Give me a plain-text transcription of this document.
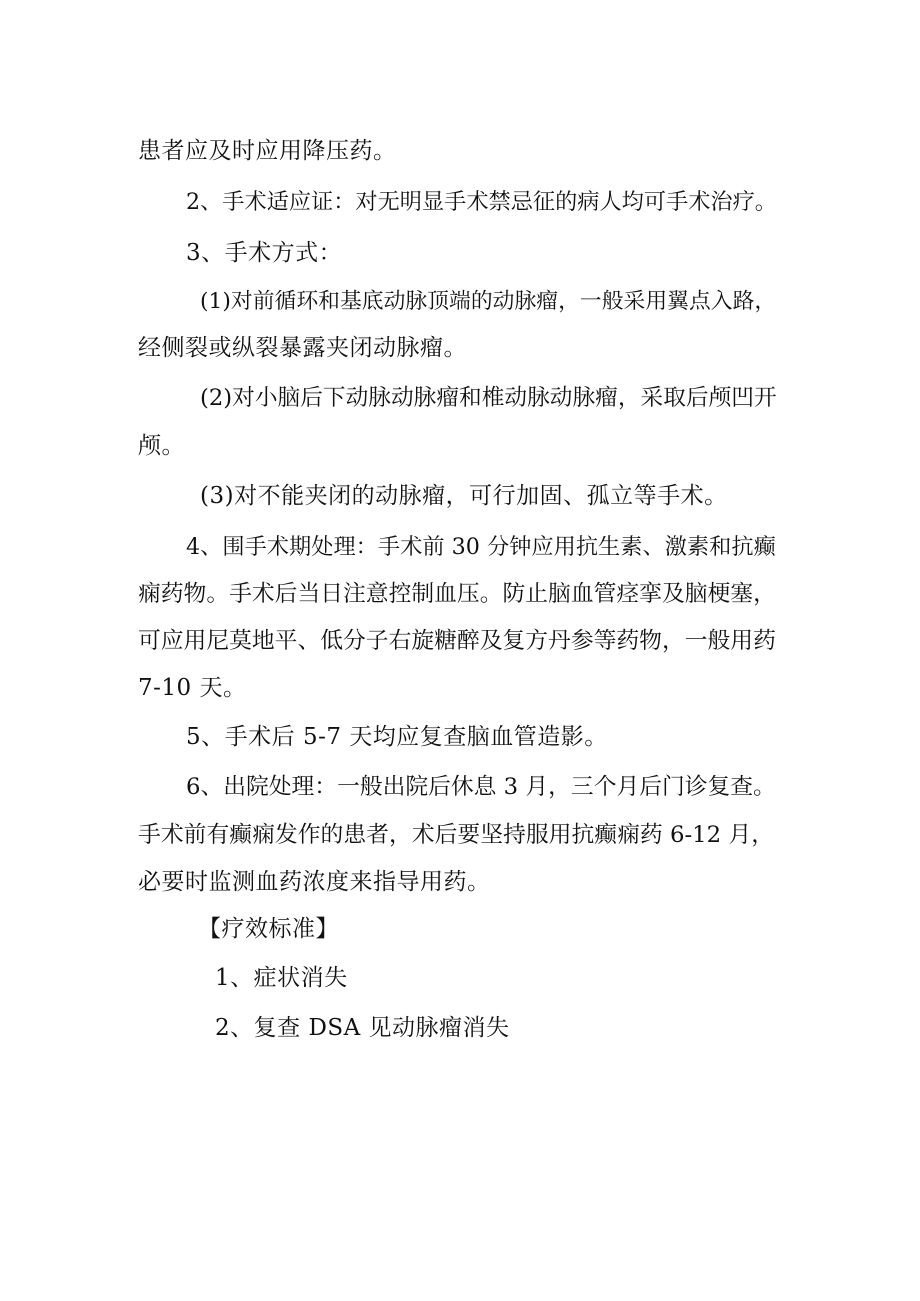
患者应及时应用降压药。
2、手术适应证：对无明显手术禁忌征的病人均可手术治疗。
3、手术方式：
(1)对前循环和基底动脉顶端的动脉瘤，一般采用翼点入路，
经侧裂或纵裂暴露夹闭动脉瘤。
(2)对小脑后下动脉动脉瘤和椎动脉动脉瘤，采取后颅凹开
颅。
(3)对不能夹闭的动脉瘤，可行加固、孤立等手术。
4、围手术期处理：手术前 30 分钟应用抗生素、激素和抗癫
痫药物。手术后当日注意控制血压。防止脑血管痉挛及脑梗塞，
可应用尼莫地平、低分子右旋糖醉及复方丹参等药物，一般用药
7-10 天。
5、手术后 5-7 天均应复查脑血管造影。
6、出院处理：一般出院后休息 3 月，三个月后门诊复查。
手术前有癫痫发作的患者，术后要坚持服用抗癫痫药 6-12 月，
必要时监测血药浓度来指导用药。
【疗效标准】
1、症状消失
2、复查 DSA 见动脉瘤消失
